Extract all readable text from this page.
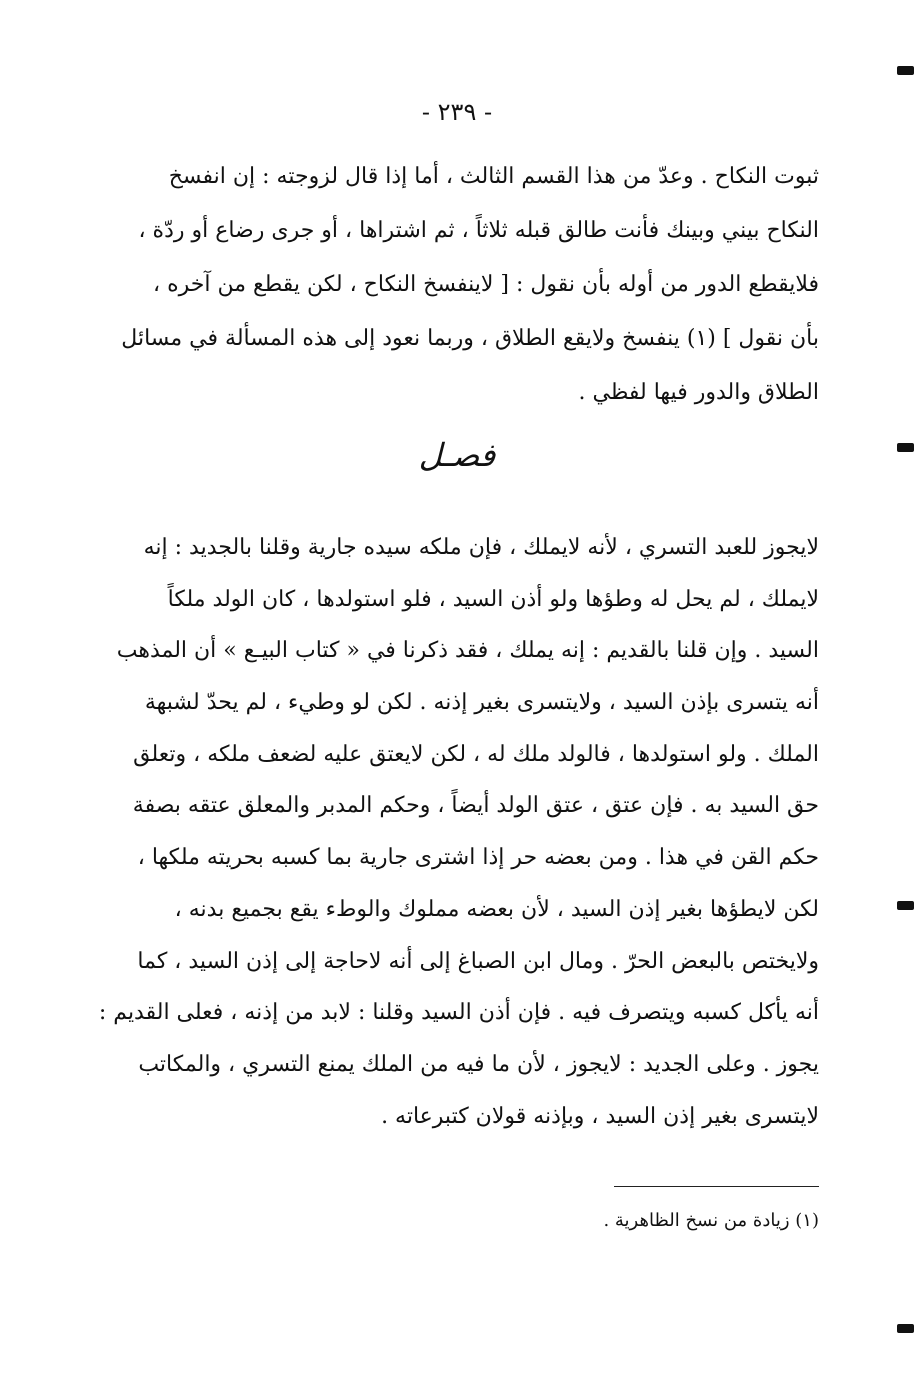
- ٢٣٩ -
ثبوت النكاح . وعدّ من هذا القسم الثالث ، أما إذا قال لزوجته : إن انفسخ
النكاح بيني وبينك فأنت طالق قبله ثلاثاً ، ثم اشتراها ، أو جرى رضاع أو ردّة ،
فلايقطع الدور من أوله بأن نقول : [ لاينفسخ النكاح ، لكن يقطع من آخره ،
بأن نقول ] (١) ينفسخ ولايقع الطلاق ، وربما نعود إلى هذه المسألة في مسائل
الطلاق والدور فيها لفظي .
فصـل
لايجوز للعبد التسري ، لأنه لايملك ، فإن ملكه سيده جارية وقلنا بالجديد : إنه
لايملك ، لم يحل له وطؤها ولو أذن السيد ، فلو استولدها ، كان الولد ملكاً
السيد . وإن قلنا بالقديم : إنه يملك ، فقد ذكرنا في « كتاب البيـع » أن المذهب
أنه يتسرى بإذن السيد ، ولايتسرى بغير إذنه . لكن لو وطيء ، لم يحدّ لشبهة
الملك . ولو استولدها ، فالولد ملك له ، لكن لايعتق عليه لضعف ملكه ، وتعلق
حق السيد به . فإن عتق ، عتق الولد أيضاً ، وحكم المدبر والمعلق عتقه بصفة
حكم القن في هذا . ومن بعضه حر إذا اشترى جارية بما كسبه بحريته ملكها ،
لكن لايطؤها بغير إذن السيد ، لأن بعضه مملوك والوطء يقع بجميع بدنه ،
ولايختص بالبعض الحرّ . ومال ابن الصباغ إلى أنه لاحاجة إلى إذن السيد ، كما
أنه يأكل كسبه ويتصرف فيه . فإن أذن السيد وقلنا : لابد من إذنه ، فعلى القديم :
يجوز . وعلى الجديد : لايجوز ، لأن ما فيه من الملك يمنع التسري ، والمكاتب
لايتسرى بغير إذن السيد ، وبإذنه قولان كتبرعاته .
(١) زيادة من نسخ الظاهرية .
